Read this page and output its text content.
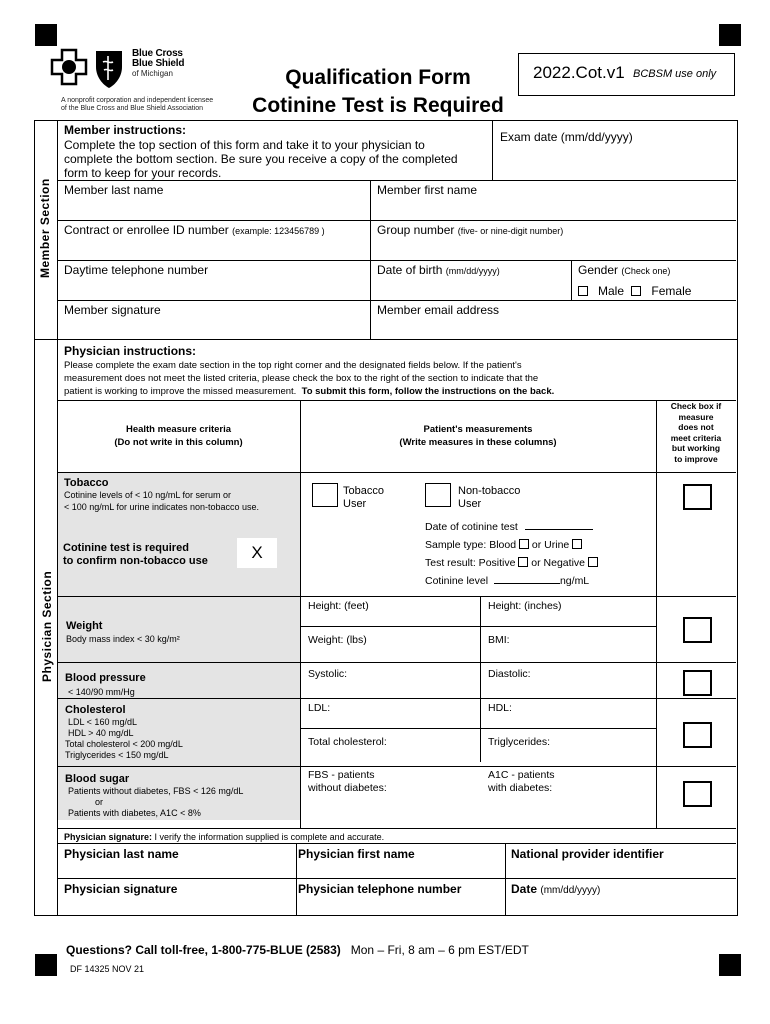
Blue Cross
Blue Shield
of Michigan
A nonprofit corporation and independent licensee
of the Blue Cross and Blue Shield Association
Qualification Form
Cotinine Test is Required
2022.Cot.v1 BCBSM use only
Member Section
Member instructions:
Complete the top section of this form and take it to your physician to
complete the bottom section. Be sure you receive a copy of the completed
form to keep for your records.
Exam date (mm/dd/yyyy)
Member last name	Member first name
Contract or enrollee ID number (example: 123456789 )	Group number (five- or nine-digit number)
Daytime telephone number	Date of birth (mm/dd/yyyy)	Gender (Check one)
Male Female
Member signature	Member email address
Physician Section
Physician instructions:
Please complete the exam date section in the top right corner and the designated fields below. If the patient's
measurement does not meet the listed criteria, please check the box to the right of the section to indicate that the
patient is working to improve the missed measurement. To submit this form, follow the instructions on the back.
Health measure criteria
(Do not write in this column)
Patient's measurements
(Write measures in these columns)
Check box if
measure
does not
meet criteria
but working
to improve
Tobacco
Cotinine levels of < 10 ng/mL for serum or
< 100 ng/mL for urine indicates non-tobacco use.
Cotinine test is required
to confirm non-tobacco use	X
Tobacco
User
Non-tobacco
User
Date of cotinine test
Sample type: Blood or Urine
Test result: Positive or Negative
Cotinine level	ng/mL
Weight
Body mass index < 30 kg/m²
Height: (feet)	Height: (inches)
Weight: (lbs)	BMI:
Blood pressure
< 140/90 mm/Hg
Systolic:	Diastolic:
Cholesterol
LDL < 160 mg/dL
HDL > 40 mg/dL
Total cholesterol < 200 mg/dL
Triglycerides < 150 mg/dL
LDL:	HDL:
Total cholesterol:	Triglycerides:
Blood sugar
Patients without diabetes, FBS < 126 mg/dL
or
Patients with diabetes, A1C < 8%
FBS - patients
without diabetes:
A1C - patients
with diabetes:
Physician signature: I verify the information supplied is complete and accurate.
Physician last name	Physician first name	National provider identifier
Physician signature	Physician telephone number	Date (mm/dd/yyyy)
Questions? Call toll-free, 1-800-775-BLUE (2583) Mon – Fri, 8 am – 6 pm EST/EDT
DF 14325 NOV 21
